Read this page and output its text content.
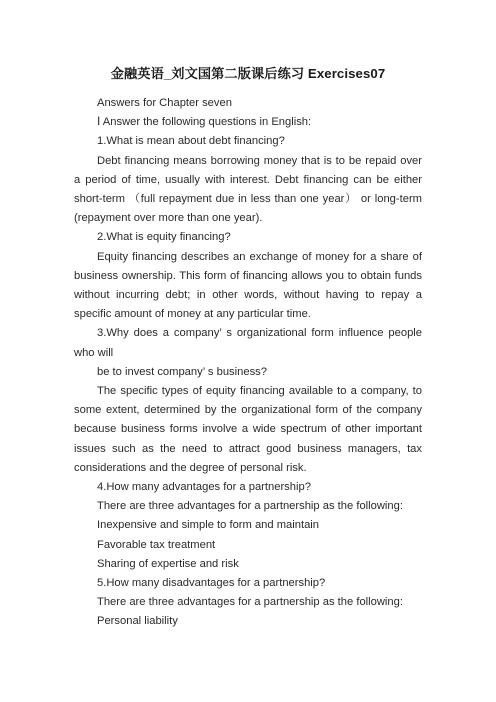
金融英语_刘文国第二版课后练习 Exercises07

Answers for Chapter seven

Ⅰ Answer the following questions in English:

1.What is mean about debt financing?

Debt financing means borrowing money that is to be repaid over a period of time, usually with interest. Debt financing can be either short-term （full repayment due in less than one year） or long-term (repayment over more than one year).

2.What is equity financing?

Equity financing describes an exchange of money for a share of business ownership. This form of financing allows you to obtain funds without incurring debt; in other words, without having to repay a specific amount of money at any particular time.

3.Why does a company’ s organizational form influence people who will

be to invest company’ s business?

The specific types of equity financing available to a company, to some extent, determined by the organizational form of the company because business forms involve a wide spectrum of other important issues such as the need to attract good business managers, tax considerations and the degree of personal risk.

4.How many advantages for a partnership?

There are three advantages for a partnership as the following:

Inexpensive and simple to form and maintain

Favorable tax treatment

Sharing of expertise and risk

5.How many disadvantages for a partnership?

There are three advantages for a partnership as the following:

Personal liability
